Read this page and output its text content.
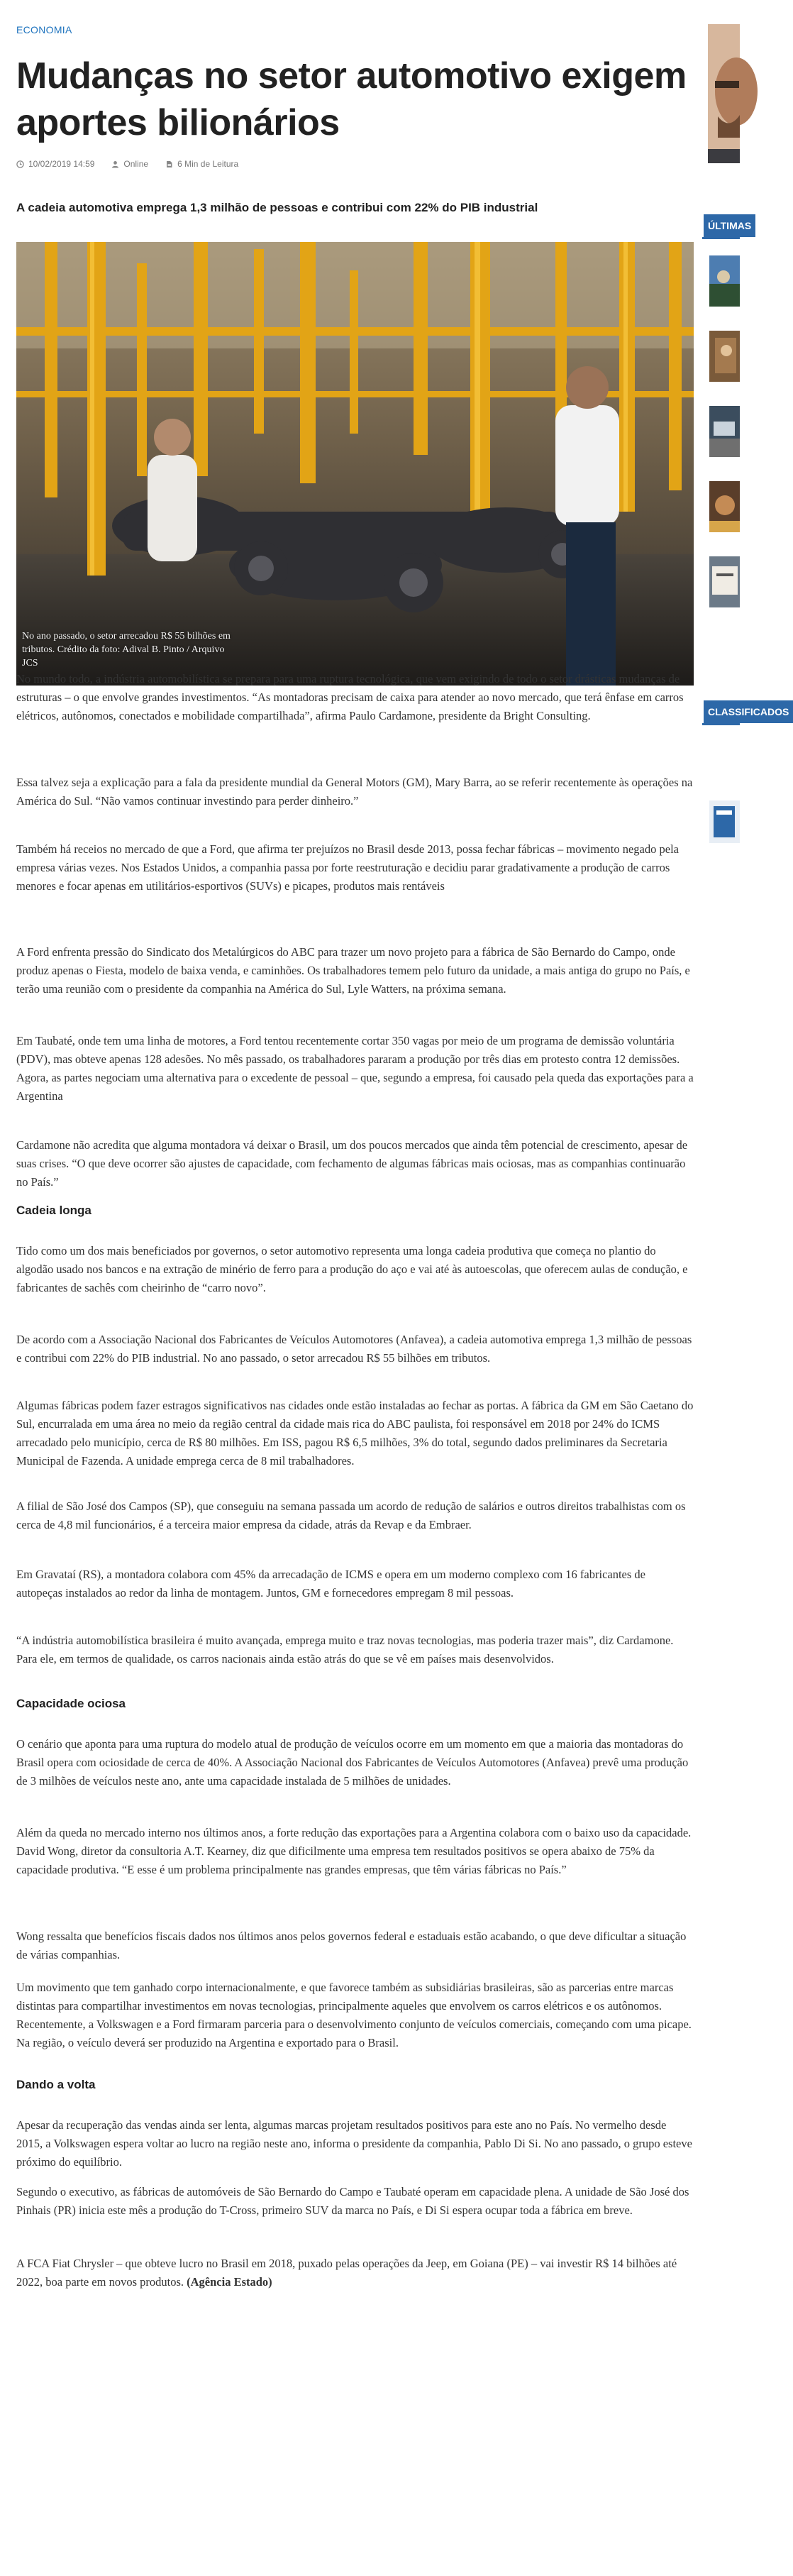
ECONOMIA
Mudanças no setor automotivo exigem aportes bilionários
10/02/2019 14:59	Online	6 Min de Leitura

A cadeia automotiva emprega 1,3 milhão de pessoas e contribui com 22% do PIB industrial

No ano passado, o setor arrecadou R$ 55 bilhões em tributos. Crédito da foto: Adival B. Pinto / Arquivo JCS

No mundo todo, a indústria automobilística se prepara para uma ruptura tecnológica, que vem exigindo de todo o setor drásticas mudanças de estruturas – o que envolve grandes investimentos. “As montadoras precisam de caixa para atender ao novo mercado, que terá ênfase em carros elétricos, autônomos, conectados e mobilidade compartilhada”, afirma Paulo Cardamone, presidente da Bright Consulting.

Essa talvez seja a explicação para a fala da presidente mundial da General Motors (GM), Mary Barra, ao se referir recentemente às operações na América do Sul. “Não vamos continuar investindo para perder dinheiro.”

Também há receios no mercado de que a Ford, que afirma ter prejuízos no Brasil desde 2013, possa fechar fábricas – movimento negado pela empresa várias vezes. Nos Estados Unidos, a companhia passa por forte reestruturação e decidiu parar gradativamente a produção de carros menores e focar apenas em utilitários-esportivos (SUVs) e picapes, produtos mais rentáveis

A Ford enfrenta pressão do Sindicato dos Metalúrgicos do ABC para trazer um novo projeto para a fábrica de São Bernardo do Campo, onde produz apenas o Fiesta, modelo de baixa venda, e caminhões. Os trabalhadores temem pelo futuro da unidade, a mais antiga do grupo no País, e terão uma reunião com o presidente da companhia na América do Sul, Lyle Watters, na próxima semana.

Em Taubaté, onde tem uma linha de motores, a Ford tentou recentemente cortar 350 vagas por meio de um programa de demissão voluntária (PDV), mas obteve apenas 128 adesões. No mês passado, os trabalhadores pararam a produção por três dias em protesto contra 12 demissões. Agora, as partes negociam uma alternativa para o excedente de pessoal – que, segundo a empresa, foi causado pela queda das exportações para a Argentina

Cardamone não acredita que alguma montadora vá deixar o Brasil, um dos poucos mercados que ainda têm potencial de crescimento, apesar de suas crises. “O que deve ocorrer são ajustes de capacidade, com fechamento de algumas fábricas mais ociosas, mas as companhias continuarão no País.”

Cadeia longa

Tido como um dos mais beneficiados por governos, o setor automotivo representa uma longa cadeia produtiva que começa no plantio do algodão usado nos bancos e na extração de minério de ferro para a produção do aço e vai até às autoescolas, que oferecem aulas de condução, e fabricantes de sachês com cheirinho de “carro novo”.

De acordo com a Associação Nacional dos Fabricantes de Veículos Automotores (Anfavea), a cadeia automotiva emprega 1,3 milhão de pessoas e contribui com 22% do PIB industrial. No ano passado, o setor arrecadou R$ 55 bilhões em tributos.

Algumas fábricas podem fazer estragos significativos nas cidades onde estão instaladas ao fechar as portas. A fábrica da GM em São Caetano do Sul, encurralada em uma área no meio da região central da cidade mais rica do ABC paulista, foi responsável em 2018 por 24% do ICMS arrecadado pelo município, cerca de R$ 80 milhões. Em ISS, pagou R$ 6,5 milhões, 3% do total, segundo dados preliminares da Secretaria Municipal de Fazenda. A unidade emprega cerca de 8 mil trabalhadores.

A filial de São José dos Campos (SP), que conseguiu na semana passada um acordo de redução de salários e outros direitos trabalhistas com os cerca de 4,8 mil funcionários, é a terceira maior empresa da cidade, atrás da Revap e da Embraer.

Em Gravataí (RS), a montadora colabora com 45% da arrecadação de ICMS e opera em um moderno complexo com 16 fabricantes de autopeças instalados ao redor da linha de montagem. Juntos, GM e fornecedores empregam 8 mil pessoas.

“A indústria automobilística brasileira é muito avançada, emprega muito e traz novas tecnologias, mas poderia trazer mais”, diz Cardamone. Para ele, em termos de qualidade, os carros nacionais ainda estão atrás do que se vê em países mais desenvolvidos.

Capacidade ociosa

O cenário que aponta para uma ruptura do modelo atual de produção de veículos ocorre em um momento em que a maioria das montadoras do Brasil opera com ociosidade de cerca de 40%. A Associação Nacional dos Fabricantes de Veículos Automotores (Anfavea) prevê uma produção de 3 milhões de veículos neste ano, ante uma capacidade instalada de 5 milhões de unidades.

Além da queda no mercado interno nos últimos anos, a forte redução das exportações para a Argentina colabora com o baixo uso da capacidade. David Wong, diretor da consultoria A.T. Kearney, diz que dificilmente uma empresa tem resultados positivos se opera abaixo de 75% da capacidade produtiva. “E esse é um problema principalmente nas grandes empresas, que têm várias fábricas no País.”

Wong ressalta que benefícios fiscais dados nos últimos anos pelos governos federal e estaduais estão acabando, o que deve dificultar a situação de várias companhias.

Um movimento que tem ganhado corpo internacionalmente, e que favorece também as subsidiárias brasileiras, são as parcerias entre marcas distintas para compartilhar investimentos em novas tecnologias, principalmente aqueles que envolvem os carros elétricos e os autônomos. Recentemente, a Volkswagen e a Ford firmaram parceria para o desenvolvimento conjunto de veículos comerciais, começando com uma picape. Na região, o veículo deverá ser produzido na Argentina e exportado para o Brasil.

Dando a volta

Apesar da recuperação das vendas ainda ser lenta, algumas marcas projetam resultados positivos para este ano no País. No vermelho desde 2015, a Volkswagen espera voltar ao lucro na região neste ano, informa o presidente da companhia, Pablo Di Si. No ano passado, o grupo esteve próximo do equilíbrio.

Segundo o executivo, as fábricas de automóveis de São Bernardo do Campo e Taubaté operam em capacidade plena. A unidade de São José dos Pinhais (PR) inicia este mês a produção do T-Cross, primeiro SUV da marca no País, e Di Si espera ocupar toda a fábrica em breve.

A FCA Fiat Chrysler – que obteve lucro no Brasil em 2018, puxado pelas operações da Jeep, em Goiana (PE) – vai investir R$ 14 bilhões até 2022, boa parte em novos produtos. (Agência Estado)

ÚLTIMAS
CLASSIFICADOS
